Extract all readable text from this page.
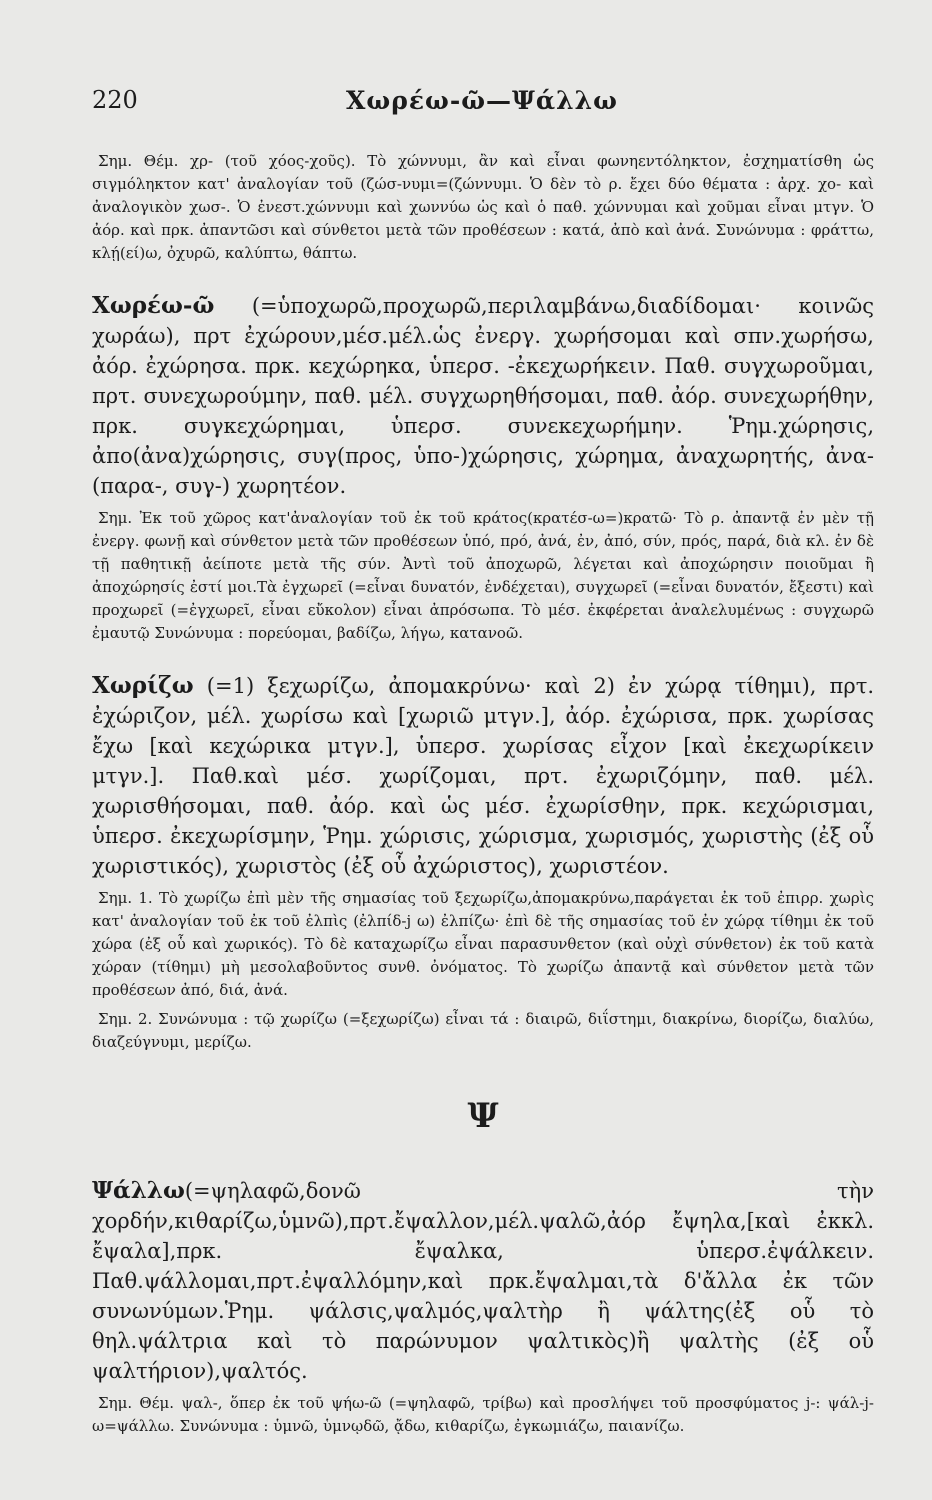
220	Χωρέω-ῶ—Ψάλλω

Σημ. Θέμ. χρ- (τοῦ χόος-χοῦς). Τὸ χώννυμι, ἂν καὶ εἶναι φωνηεντόληκτον, ἐσχηματίσθη ὡς σιγμόληκτον κατ' ἀναλογίαν τοῦ (ζώσ-νυμι=(ζώννυμι. Ὁ δὲν τὸ ρ. ἔχει δύο θέματα : ἀρχ. χο- καὶ ἀναλογικὸν χωσ-. Ὁ ἐνεστ.χώννυμι καὶ χωννύω ὡς καὶ ὁ παθ. χώννυμαι καὶ χοῦμαι εἶναι μτγν. Ὁ ἀόρ. καὶ πρκ. ἀπαντῶσι καὶ σύνθετοι μετὰ τῶν προθέσεων : κατά, ἀπὸ καὶ ἀνά. Συνώνυμα : φράττω, κλῄ(εί)ω, ὀχυρῶ, καλύπτω, θάπτω.

Χωρέω-ῶ (=ὑποχωρῶ,προχωρῶ,περιλαμβάνω,διαδίδομαι· κοινῶς χωράω), πρτ ἐχώρουν,μέσ.μέλ.ὡς ἐνεργ. χωρήσομαι καὶ σπν.χωρήσω, ἀόρ. ἐχώρησα. πρκ. κεχώρηκα, ὑπερσ. -ἐκεχωρήκειν. Παθ. συγχωροῦμαι, πρτ. συνεχωρούμην, παθ. μέλ. συγχωρηθήσομαι, παθ. ἀόρ. συνεχωρήθην, πρκ. συγκεχώρημαι, ὑπερσ. συνεκεχωρήμην. Ῥημ.χώρησις, ἀπο(ἀνα)χώρησις, συγ(προς, ὑπο-)χώρησις, χώρημα, ἀναχωρητής, ἀνα-(παρα-, συγ-) χωρητέον.

Σημ. Ἐκ τοῦ χῶρος κατ'ἀναλογίαν τοῦ ἐκ τοῦ κράτος(κρατέσ-ω=)κρατῶ· Τὸ ρ. ἀπαντᾷ ἐν μὲν τῇ ἐνεργ. φωνῇ καὶ σύνθετον μετὰ τῶν προθέσεων ὑπό, πρό, ἀνά, ἐν, ἀπό, σύν, πρός, παρά, διὰ κλ. ἐν δὲ τῇ παθητικῇ ἀείποτε μετὰ τῆς σύν. Ἀντὶ τοῦ ἀποχωρῶ, λέγεται καὶ ἀποχώρησιν ποιοῦμαι ἢ ἀποχώρησίς ἐστί μοι.Τὰ ἐγχωρεῖ (=εἶναι δυνατόν, ἐνδέχεται), συγχωρεῖ (=εἶναι δυνατόν, ἔξεστι) καὶ προχωρεῖ (=ἐγχωρεῖ, εἶναι εὔκολον) εἶναι ἀπρόσωπα. Τὸ μέσ. ἐκφέρεται ἀναλελυμένως : συγχωρῶ ἐμαυτῷ Συνώνυμα : πορεύομαι, βαδίζω, λήγω, κατανοῶ.

Χωρίζω (=1) ξεχωρίζω, ἀπομακρύνω· καὶ 2) ἐν χώρᾳ τίθημι), πρτ. ἐχώριζον, μέλ. χωρίσω καὶ [χωριῶ μτγν.], ἀόρ. ἐχώρισα, πρκ. χωρίσας ἔχω [καὶ κεχώρικα μτγν.], ὑπερσ. χωρίσας εἶχον [καὶ ἐκεχωρίκειν μτγν.]. Παθ.καὶ μέσ. χωρίζομαι, πρτ. ἐχωριζόμην, παθ. μέλ. χωρισθήσομαι, παθ. ἀόρ. καὶ ὡς μέσ. ἐχωρίσθην, πρκ. κεχώρισμαι, ὑπερσ. ἐκεχωρίσμην, Ῥημ. χώρισις, χώρισμα, χωρισμός, χωριστὴς (ἐξ οὗ χωριστικός), χωριστὸς (ἐξ οὗ ἀχώριστος), χωριστέον.

Σημ. 1. Τὸ χωρίζω ἐπὶ μὲν τῆς σημασίας τοῦ ξεχωρίζω,ἀπομακρύνω,παράγεται ἐκ τοῦ ἐπιρρ. χωρὶς κατ' ἀναλογίαν τοῦ ἐκ τοῦ ἐλπὶς (ἐλπίδ-j ω) ἐλπίζω· ἐπὶ δὲ τῆς σημασίας τοῦ ἐν χώρᾳ τίθημι ἐκ τοῦ χώρα (ἐξ οὗ καὶ χωρικός). Τὸ δὲ καταχωρίζω εἶναι παρασυνθετον (καὶ οὐχὶ σύνθετον) ἐκ τοῦ κατὰ χώραν (τίθημι) μὴ μεσολαβοῦντος συνθ. ὀνόματος. Τὸ χωρίζω ἀπαντᾷ καὶ σύνθετον μετὰ τῶν προθέσεων ἀπό, διά, ἀνά.

Σημ. 2. Συνώνυμα : τῷ χωρίζω (=ξεχωρίζω) εἶναι τά : διαιρῶ, διΐστημι, διακρίνω, διορίζω, διαλύω, διαζεύγνυμι, μερίζω.

Ψ

Ψάλλω(=ψηλαφῶ,δονῶ τὴν χορδήν,κιθαρίζω,ὑμνῶ),πρτ.ἔψαλλον,μέλ.ψαλῶ,ἀόρ ἔψηλα,[καὶ ἐκκλ. ἔψαλα],πρκ. ἔψαλκα, ὑπερσ.ἐψάλκειν. Παθ.ψάλλομαι,πρτ.ἐψαλλόμην,καὶ πρκ.ἔψαλμαι,τὰ δ'ἄλλα ἐκ τῶν συνωνύμων.Ῥημ. ψάλσις,ψαλμός,ψαλτὴρ ἢ ψάλτης(ἐξ οὗ τὸ θηλ.ψάλτρια καὶ τὸ παρώνυμον ψαλτικὸς)ἢ ψαλτὴς (ἐξ οὗ ψαλτήριον),ψαλτός.

Σημ. Θέμ. ψαλ-, ὅπερ ἐκ τοῦ ψήω-ῶ (=ψηλαφῶ, τρίβω) καὶ προσλήψει τοῦ προσφύματος j-: ψάλ-j-ω=ψάλλω. Συνώνυμα : ὑμνῶ, ὑμνῳδῶ, ᾄδω, κιθαρίζω, ἐγκωμιάζω, παιανίζω.
